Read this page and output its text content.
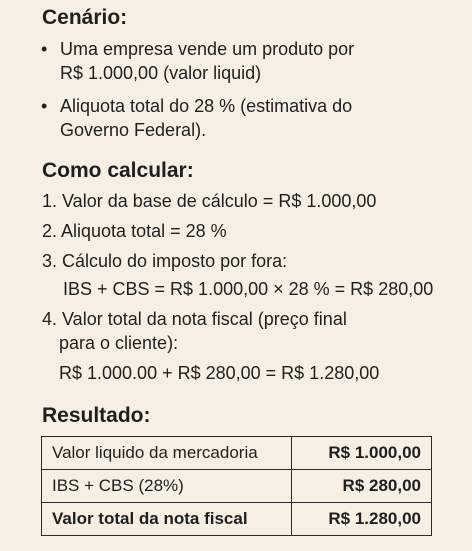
Cenário:
• Uma empresa vende um produto por
R$ 1.000,00 (valor liquid)
• Aliquota total do 28 % (estimativa do
Governo Federal).
Como calcular:
1. Valor da base de cálculo = R$ 1.000,00
2. Aliquota total = 28 %
3. Cálculo do imposto por fora:
IBS + CBS = R$ 1.000,00 × 28 % = R$ 280,00
4. Valor total da nota fiscal (preço final
para o cliente):
R$ 1.000.00 + R$ 280,00 = R$ 1.280,00
Resultado:
Valor liquido da mercadoria	R$ 1.000,00
IBS + CBS (28%)	R$ 280,00
Valor total da nota fiscal	R$ 1.280,00
